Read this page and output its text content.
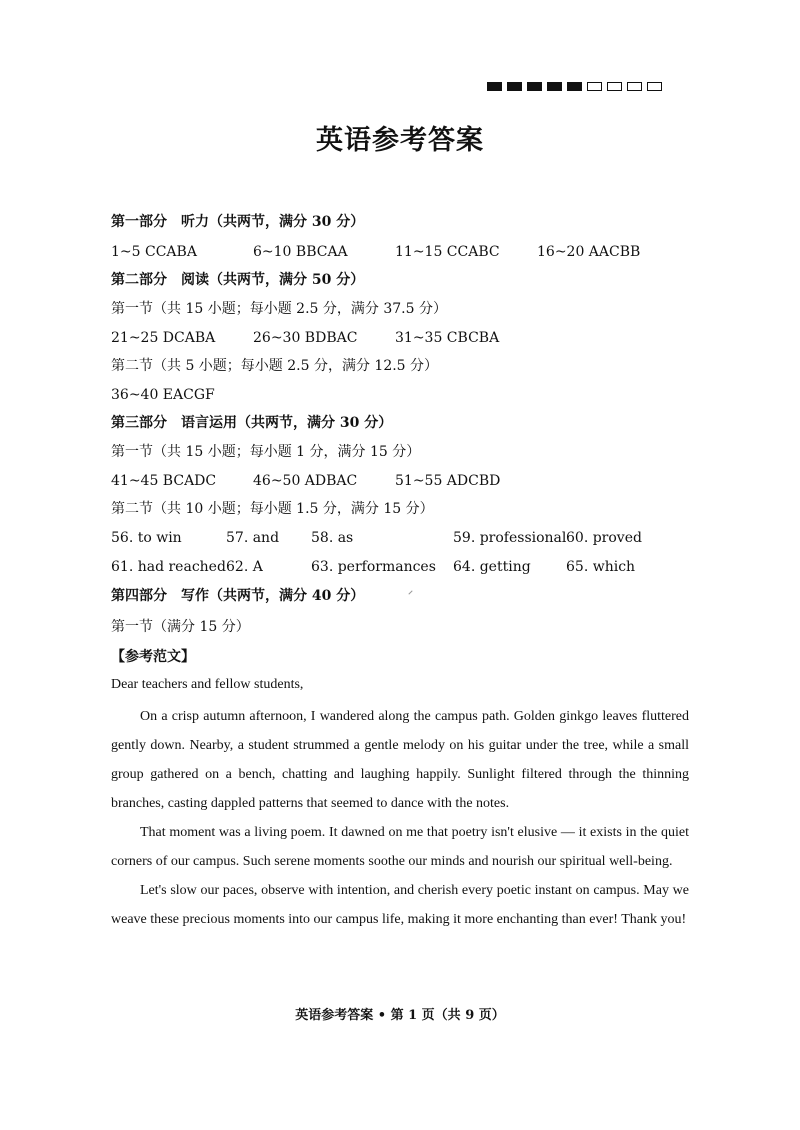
英语参考答案
第一部分　听力（共两节，满分 30 分）
1~5 CCABA	6~10 BBCAA	11~15 CCABC	16~20 AACBB
第二部分　阅读（共两节，满分 50 分）
第一节（共 15 小题；每小题 2.5 分，满分 37.5 分）
21~25 DCABA	26~30 BDBAC	31~35 CBCBA
第二节（共 5 小题；每小题 2.5 分，满分 12.5 分）
36~40 EACGF
第三部分　语言运用（共两节，满分 30 分）
第一节（共 15 小题；每小题 1 分，满分 15 分）
41~45 BCADC	46~50 ADBAC	51~55 ADCBD
第二节（共 10 小题；每小题 1.5 分，满分 15 分）
56. to win	57. and 58. as	59. professional 60. proved
61. had reached 62. A	63. performances 64. getting	65. which
第四部分　写作（共两节，满分 40 分）
第一节（满分 15 分）
【参考范文】
Dear teachers and fellow students,

On a crisp autumn afternoon, I wandered along the campus path. Golden ginkgo leaves fluttered gently down. Nearby, a student strummed a gentle melody on his guitar under the tree, while a small group gathered on a bench, chatting and laughing happily. Sunlight filtered through the thinning branches, casting dappled patterns that seemed to dance with the notes.

That moment was a living poem. It dawned on me that poetry isn't elusive — it exists in the quiet corners of our campus. Such serene moments soothe our minds and nourish our spiritual well-being.

Let's slow our paces, observe with intention, and cherish every poetic instant on campus. May we weave these precious moments into our campus life, making it more enchanting than ever! Thank you!

英语参考答案 • 第 1 页（共 9 页）
